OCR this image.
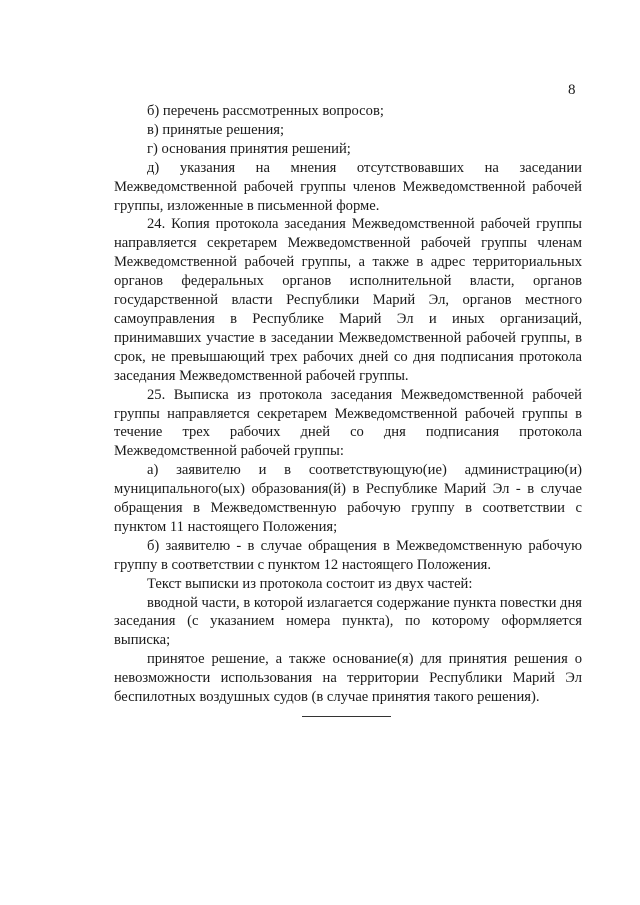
8

б) перечень рассмотренных вопросов;

в) принятые решения;

г) основания принятия решений;

д) указания на мнения отсутствовавших на заседании Межведомственной рабочей группы членов Межведомственной рабочей группы, изложенные в письменной форме.

24. Копия протокола заседания Межведомственной рабочей группы направляется секретарем Межведомственной рабочей группы членам Межведомственной рабочей группы, а также в адрес территориальных органов федеральных органов исполнительной власти, органов государственной власти Республики Марий Эл, органов местного самоуправления в Республике Марий Эл и иных организаций, принимавших участие в заседании Межведомственной рабочей группы, в срок, не превышающий трех рабочих дней со дня подписания протокола заседания Межведомственной рабочей группы.

25. Выписка из протокола заседания Межведомственной рабочей группы направляется секретарем Межведомственной рабочей группы в течение трех рабочих дней со дня подписания протокола Межведомственной рабочей группы:

а) заявителю и в соответствующую(ие) администрацию(и) муниципального(ых) образования(й) в Республике Марий Эл - в случае обращения в Межведомственную рабочую группу в соответствии с пунктом 11 настоящего Положения;

б) заявителю - в случае обращения в Межведомственную рабочую группу в соответствии с пунктом 12 настоящего Положения.

Текст выписки из протокола состоит из двух частей:

вводной части, в которой излагается содержание пункта повестки дня заседания (с указанием номера пункта), по которому оформляется выписка;

принятое решение, а также основание(я) для принятия решения о невозможности использования на территории Республики Марий Эл беспилотных воздушных судов (в случае принятия такого решения).
